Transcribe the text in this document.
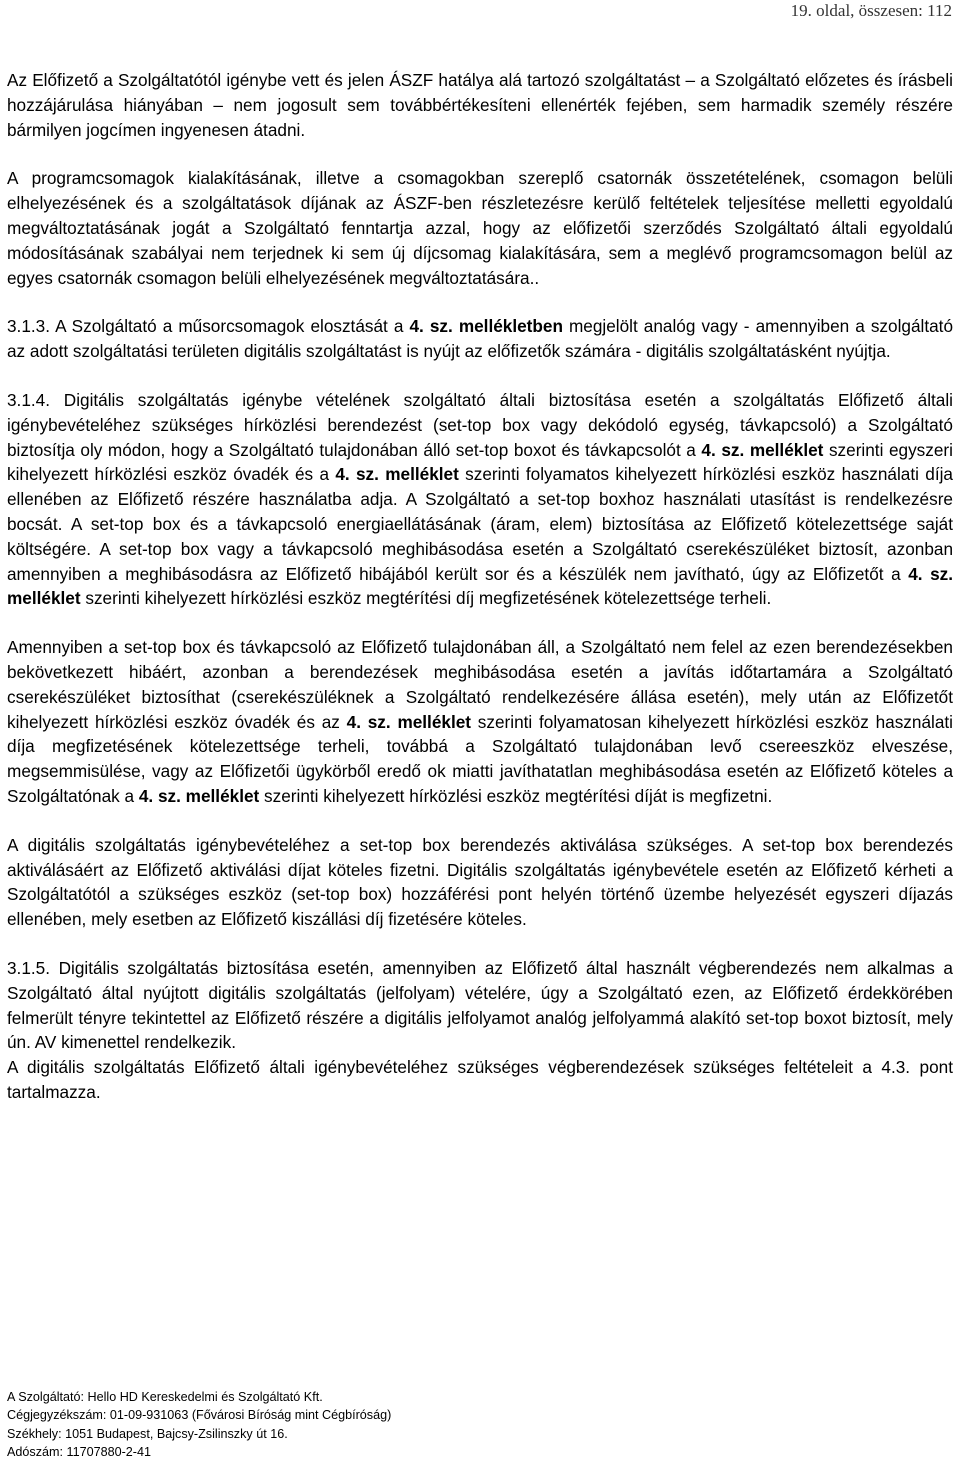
19. oldal, összesen: 112

Az Előfizető a Szolgáltatótól igénybe vett és jelen ÁSZF hatálya alá tartozó szolgáltatást – a Szolgáltató előzetes és írásbeli hozzájárulása hiányában – nem jogosult sem továbbértékesíteni ellenérték fejében, sem harmadik személy részére bármilyen jogcímen ingyenesen átadni.

A programcsomagok kialakításának, illetve a csomagokban szereplő csatornák összetételének, csomagon belüli elhelyezésének és a szolgáltatások díjának az ÁSZF-ben részletezésre kerülő feltételek teljesítése melletti egyoldalú megváltoztatásának jogát a Szolgáltató fenntartja azzal, hogy az előfizetői szerződés Szolgáltató általi egyoldalú módosításának szabályai nem terjednek ki sem új díjcsomag kialakítására, sem a meglévő programcsomagon belül az egyes csatornák csomagon belüli elhelyezésének megváltoztatására..

3.1.3. A Szolgáltató a műsorcsomagok elosztását a 4. sz. mellékletben megjelölt analóg vagy - amennyiben a szolgáltató az adott szolgáltatási területen digitális szolgáltatást is nyújt az előfizetők számára - digitális szolgáltatásként nyújtja.

3.1.4. Digitális szolgáltatás igénybe vételének szolgáltató általi biztosítása esetén a szolgáltatás Előfizető általi igénybevételéhez szükséges hírközlési berendezést (set-top box vagy dekódoló egység, távkapcsoló) a Szolgáltató biztosítja oly módon, hogy a Szolgáltató tulajdonában álló set-top boxot és távkapcsolót a 4. sz. melléklet szerinti egyszeri kihelyezett hírközlési eszköz óvadék és a 4. sz. melléklet szerinti folyamatos kihelyezett hírközlési eszköz használati díja ellenében az Előfizető részére használatba adja. A Szolgáltató a set-top boxhoz használati utasítást is rendelkezésre bocsát. A set-top box és a távkapcsoló energiaellátásának (áram, elem) biztosítása az Előfizető kötelezettsége saját költségére. A set-top box vagy a távkapcsoló meghibásodása esetén a Szolgáltató cserekészüléket biztosít, azonban amennyiben a meghibásodásra az Előfizető hibájából került sor és a készülék nem javítható, úgy az Előfizetőt a 4. sz. melléklet szerinti kihelyezett hírközlési eszköz megtérítési díj megfizetésének kötelezettsége terheli.

Amennyiben a set-top box és távkapcsoló az Előfizető tulajdonában áll, a Szolgáltató nem felel az ezen berendezésekben bekövetkezett hibáért, azonban a berendezések meghibásodása esetén a javítás időtartamára a Szolgáltató cserekészüléket biztosíthat (cserekészüléknek a Szolgáltató rendelkezésére állása esetén), mely után az Előfizetőt kihelyezett hírközlési eszköz óvadék és az 4. sz. melléklet szerinti folyamatosan kihelyezett hírközlési eszköz használati díja megfizetésének kötelezettsége terheli, továbbá a Szolgáltató tulajdonában levő csereeszköz elveszése, megsemmisülése, vagy az Előfizetői ügykörből eredő ok miatti javíthatatlan meghibásodása esetén az Előfizető köteles a Szolgáltatónak a 4. sz. melléklet szerinti kihelyezett hírközlési eszköz megtérítési díját is megfizetni.

A digitális szolgáltatás igénybevételéhez a set-top box berendezés aktiválása szükséges. A set-top box berendezés aktiválásáért az Előfizető aktiválási díjat köteles fizetni. Digitális szolgáltatás igénybevétele esetén az Előfizető kérheti a Szolgáltatótól a szükséges eszköz (set-top box) hozzáférési pont helyén történő üzembe helyezését egyszeri díjazás ellenében, mely esetben az Előfizető kiszállási díj fizetésére köteles.

3.1.5. Digitális szolgáltatás biztosítása esetén, amennyiben az Előfizető által használt végberendezés nem alkalmas a Szolgáltató által nyújtott digitális szolgáltatás (jelfolyam) vételére, úgy a Szolgáltató ezen, az Előfizető érdekkörében felmerült tényre tekintettel az Előfizető részére a digitális jelfolyamot analóg jelfolyammá alakító set-top boxot biztosít, mely ún. AV kimenettel rendelkezik.

A digitális szolgáltatás Előfizető általi igénybevételéhez szükséges végberendezések szükséges feltételeit a 4.3. pont tartalmazza.

A Szolgáltató: Hello HD Kereskedelmi és Szolgáltató Kft.
Cégjegyzékszám: 01-09-931063 (Fővárosi Bíróság mint Cégbíróság)
Székhely: 1051 Budapest, Bajcsy-Zsilinszky út 16.
Adószám: 11707880-2-41
